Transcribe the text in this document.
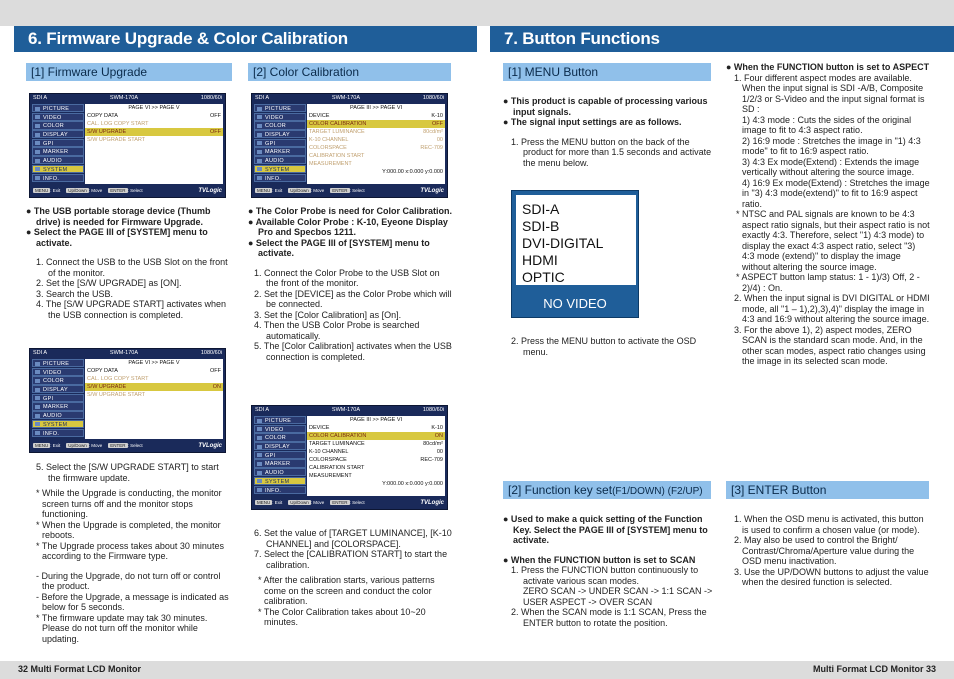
6. Firmware Upgrade & Color Calibration	7. Button Functions
[1] Firmware Upgrade	[2] Color Calibration	[1] MENU Button
[2] Function key set(F1/DOWN) (F2/UP)	[3] ENTER Button
SDI A	SWM-170A	1080/60i
PICTURE
VIDEO
COLOR
DISPLAY
GPI
MARKER
AUDIO
SYSTEM
INFO.
PAGE VI >> PAGE V
COPY DATA	OFF
CAL. LOG COPY START
S/W UPGRADE	OFF
S/W UPGRADE START
MENU : Exit	Up/Down : Move	ENTER : Select	TVLogic
SDI A	SWM-170A	1080/60i
PICTURE
VIDEO
COLOR
DISPLAY
GPI
MARKER
AUDIO
SYSTEM
INFO.
PAGE VI >> PAGE V
COPY DATA	OFF
CAL. LOG COPY START
S/W UPGRADE	ON
S/W UPGRADE START
MENU : Exit	Up/Down : Move	ENTER : Select	TVLogic
SDI A	SWM-170A	1080/60i
PICTURE
VIDEO
COLOR
DISPLAY
GPI
MARKER
AUDIO
SYSTEM
INFO.
PAGE III >> PAGE VI
DEVICE	K-10
COLOR CALIBRATION	OFF
TARGET LUMINANCE	80cd/m²
K-10 CHANNEL	00
COLORSPACE	REC-709
CALIBRATION START
MEASUREMENT
Y:000.00 x:0.000 y:0.000
MENU : Exit	Up/Down : Move	ENTER : Select	TVLogic
SDI A	SWM-170A	1080/60i
PICTURE
VIDEO
COLOR
DISPLAY
GPI
MARKER
AUDIO
SYSTEM
INFO.
PAGE III >> PAGE VI
DEVICE	K-10
COLOR CALIBRATION	ON
TARGET LUMINANCE	80cd/m²
K-10 CHANNEL	00
COLORSPACE	REC-709
CALIBRATION START
MEASUREMENT
Y:000.00 x:0.000 y:0.000
MENU : Exit	Up/Down : Move	ENTER : Select	TVLogic

● The USB portable storage device (Thumb drive) is needed for Firmware Upgrade.

● Select the PAGE III of [SYSTEM] menu to activate.

1. Connect the USB to the USB Slot on the front of the monitor.

2. Set the [S/W UPGRADE] as [ON].

3. Search the USB.

4. The [S/W UPGRADE START] activates when the USB connection is completed.

5. Select the [S/W UPGRADE START] to start the firmware update.

* While the Upgrade is conducting, the monitor screen turns off and the monitor stops functioning.

* When the Upgrade is completed, the monitor reboots.

* The Upgrade process takes about 30 minutes according to the Firmware type.

- During the Upgrade, do not turn off or control the product.

- Before the Upgrade, a message is indicated as below for 5 seconds.

* The firmware update may tak 30 minutes. Please do not turn off the monitor while updating.

● The Color Probe is need for Color Calibration.

● Available Color Probe : K-10, Eyeone Display Pro and Specbos 1211.

● Select the PAGE III of [SYSTEM] menu to activate.

1. Connect the Color Probe to the USB Slot on the front of the monitor.

2. Set the [DEVICE] as the Color Probe which will be connected.

3. Set the [Color Calibration] as [On].

4. Then the USB Color Probe is searched automatically.

5. The [Color Calibration] activates when the USB connection is completed.

6. Set the value of [TARGET LUMINANCE], [K-10 CHANNEL] and [COLORSPACE].

7. Select the [CALIBRATION START] to start the calibration.

* After the calibration starts, various patterns come on the screen and conduct the color calibration.

* The Color Calibration takes about 10~20 minutes.

● This product is capable of processing various input signals.

● The signal input settings are as follows.

1. Press the MENU button on the back of the product for more than 1.5 seconds and activate the menu below.

SDI-A
SDI-B
DVI-DIGITAL
HDMI
OPTIC
NO VIDEO

2. Press the MENU button to activate the OSD menu.

● Used to make a quick setting of the Function Key. Select the PAGE III of [SYSTEM] menu to activate.

● When the FUNCTION button is set to SCAN

1. Press the FUNCTION button continuously to activate various scan modes.

ZERO SCAN -> UNDER SCAN -> 1:1 SCAN -> USER ASPECT -> OVER SCAN

2. When the SCAN mode is 1:1 SCAN, Press the ENTER button to rotate the position.

● When the FUNCTION button is set to ASPECT

1. Four different aspect modes are available. When the input signal is SDI -A/B, Composite 1/2/3 or S-Video and the input signal format is SD :

1) 4:3 mode : Cuts the sides of the original image to fit to 4:3 aspect ratio.

2) 16:9 mode : Stretches the image in "1) 4:3 mode" to fit to 16:9 aspect ratio.

3) 4:3 Ex mode(Extend) : Extends the image vertically without altering the source image.

4) 16:9 Ex mode(Extend) : Stretches the image in "3) 4:3 mode(extend)" to fit to 16:9 aspect ratio.

* NTSC and PAL signals are known to be 4:3 aspect ratio signals, but their aspect ratio is not exactly 4:3. Therefore, select "1) 4:3 mode) to display the exact 4:3 aspect ratio, select "3) 4:3 mode (extend)" to display the image without altering the source image.

* ASPECT button lamp status: 1 - 1)/3) Off, 2 - 2)/4) : On.

2. When the input signal is DVI DIGITAL or HDMI mode, all "1 – 1),2),3),4)" display the image in 4:3 and 16:9 without altering the source image.

3. For the above 1), 2) aspect modes, ZERO SCAN is the standard scan mode. And, in the other scan modes, aspect ratio changes using the image in its selected scan mode.

1. When the OSD menu is activated, this button is used to confirm a chosen value (or mode).

2. May also be used to control the Bright/ Contrast/Chroma/Aperture value during the OSD menu inactivation.

3. Use the UP/DOWN buttons to adjust the value when the desired function is selected.

32 Multi Format LCD Monitor	Multi Format LCD Monitor 33
